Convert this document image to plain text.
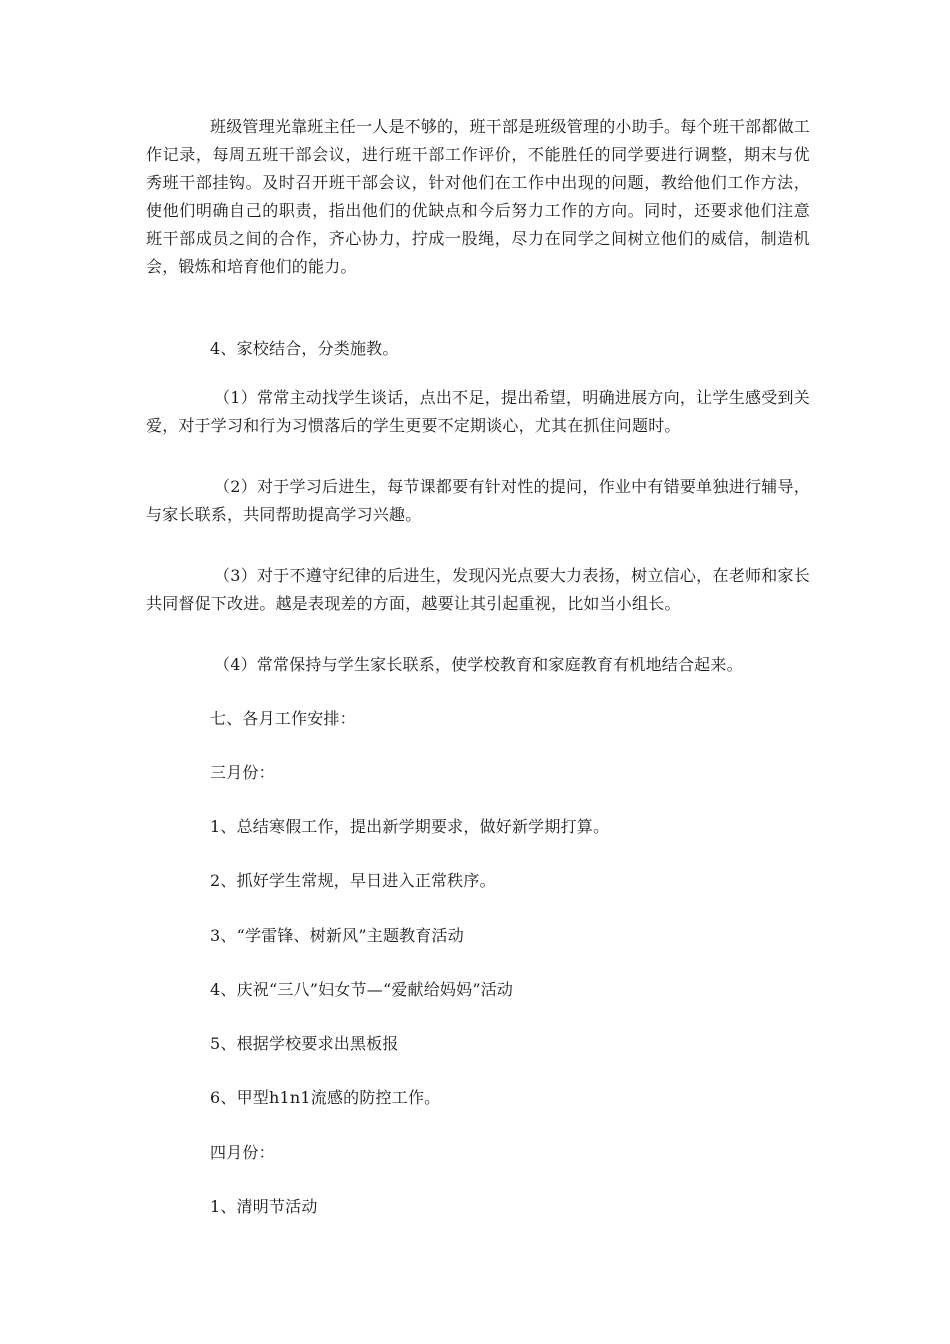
班级管理光靠班主任一人是不够的，班干部是班级管理的小助手。每个班干部都做工作记录，每周五班干部会议，进行班干部工作评价，不能胜任的同学要进行调整，期末与优秀班干部挂钩。及时召开班干部会议，针对他们在工作中出现的问题，教给他们工作方法，使他们明确自己的职责，指出他们的优缺点和今后努力工作的方向。同时，还要求他们注意班干部成员之间的合作，齐心协力，拧成一股绳，尽力在同学之间树立他们的威信，制造机会，锻炼和培育他们的能力。

4、家校结合，分类施教。

（1）常常主动找学生谈话，点出不足，提出希望，明确进展方向，让学生感受到关爱，对于学习和行为习惯落后的学生更要不定期谈心，尤其在抓住问题时。

（2）对于学习后进生，每节课都要有针对性的提问，作业中有错要单独进行辅导，与家长联系，共同帮助提高学习兴趣。

（3）对于不遵守纪律的后进生，发现闪光点要大力表扬，树立信心，在老师和家长共同督促下改进。越是表现差的方面，越要让其引起重视，比如当小组长。

（4）常常保持与学生家长联系，使学校教育和家庭教育有机地结合起来。

七、各月工作安排：

三月份：

1、总结寒假工作，提出新学期要求，做好新学期打算。

2、抓好学生常规，早日进入正常秩序。

3、“学雷锋、树新风”主题教育活动

4、庆祝“三八”妇女节—“爱献给妈妈”活动

5、根据学校要求出黑板报

6、甲型h1n1流感的防控工作。

四月份：

1、清明节活动
